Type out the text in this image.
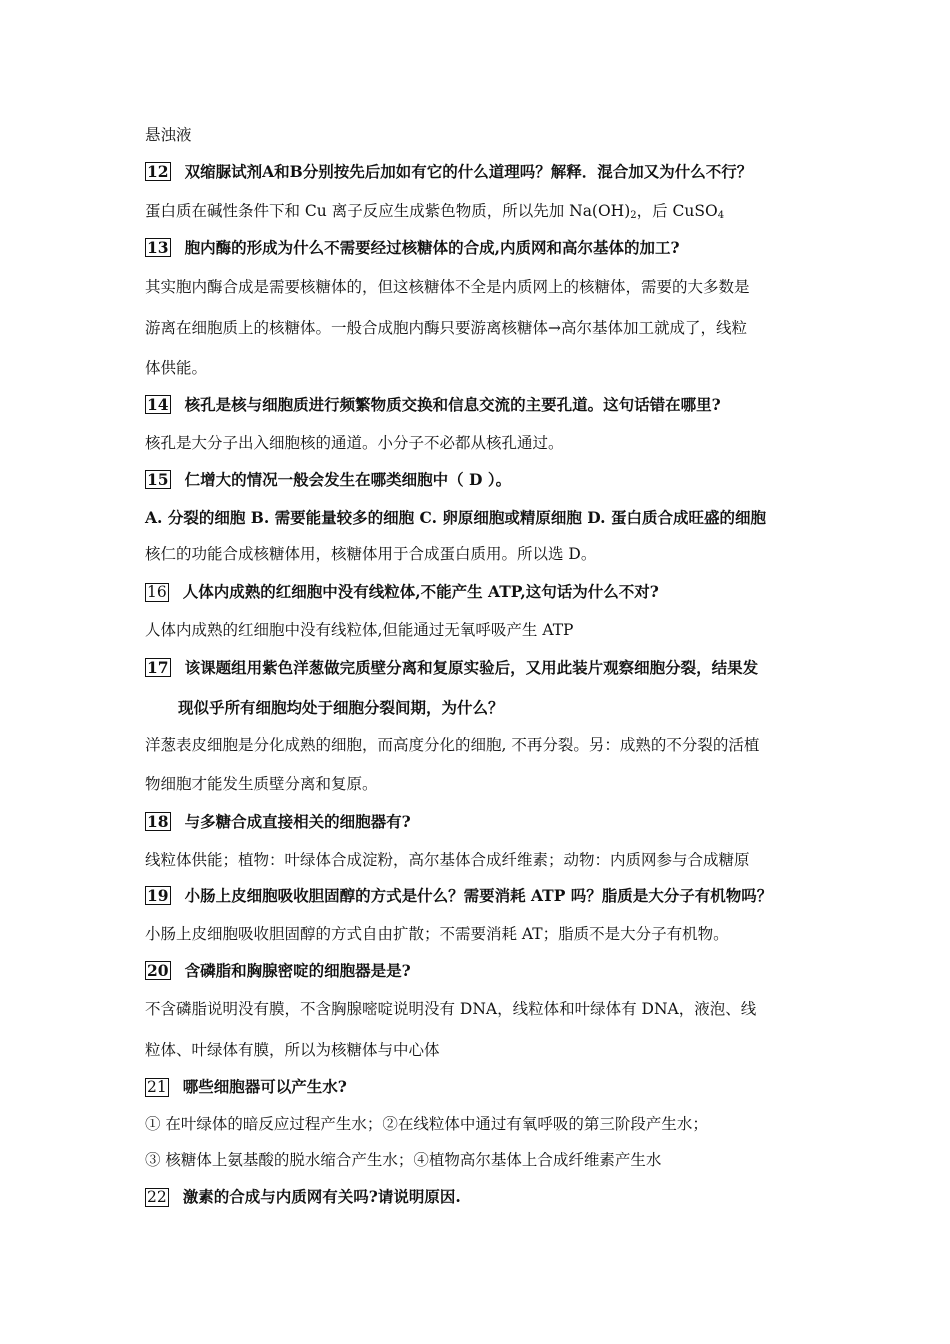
悬浊液
12 双缩脲试剂A和B分别按先后加如有它的什么道理吗？解释．混合加又为什么不行？
蛋白质在碱性条件下和 Cu 离子反应生成紫色物质，所以先加 $Na(OH)_2$，后 CuSO$_4$
13 胞内酶的形成为什么不需要经过核糖体的合成,内质网和高尔基体的加工?
其实胞内酶合成是需要核糖体的，但这核糖体不全是内质网上的核糖体，需要的大多数是
游离在细胞质上的核糖体。一般合成胞内酶只要游离核糖体→高尔基体加工就成了，线粒
体供能。
14 核孔是核与细胞质进行频繁物质交换和信息交流的主要孔道。这句话错在哪里?
核孔是大分子出入细胞核的通道。小分子不必都从核孔通过。
15 仁增大的情况一般会发生在哪类细胞中（ D ）。
A. 分裂的细胞 B. 需要能量较多的细胞 C. 卵原细胞或精原细胞 D. 蛋白质合成旺盛的细胞
核仁的功能合成核糖体用，核糖体用于合成蛋白质用。所以选 D。
16 人体内成熟的红细胞中没有线粒体,不能产生 ATP,这句话为什么不对?
人体内成熟的红细胞中没有线粒体,但能通过无氧呼吸产生 ATP
17 该课题组用紫色洋葱做完质壁分离和复原实验后，又用此装片观察细胞分裂，结果发
现似乎所有细胞均处于细胞分裂间期，为什么？
洋葱表皮细胞是分化成熟的细胞，而高度分化的细胞, 不再分裂。另：成熟的不分裂的活植
物细胞才能发生质壁分离和复原。
18 与多糖合成直接相关的细胞器有?
线粒体供能；植物：叶绿体合成淀粉，高尔基体合成纤维素；动物：内质网参与合成糖原
19 小肠上皮细胞吸收胆固醇的方式是什么？需要消耗 ATP 吗？脂质是大分子有机物吗？
小肠上皮细胞吸收胆固醇的方式自由扩散；不需要消耗 AT；脂质不是大分子有机物。
20 含磷脂和胸腺密啶的细胞器是是?
不含磷脂说明没有膜，不含胸腺嘧啶说明没有 DNA，线粒体和叶绿体有 DNA，液泡、线
粒体、叶绿体有膜，所以为核糖体与中心体
21 哪些细胞器可以产生水?
① 在叶绿体的暗反应过程产生水；②在线粒体中通过有氧呼吸的第三阶段产生水；
③ 核糖体上氨基酸的脱水缩合产生水；④植物高尔基体上合成纤维素产生水
22 激素的合成与内质网有关吗?请说明原因.
